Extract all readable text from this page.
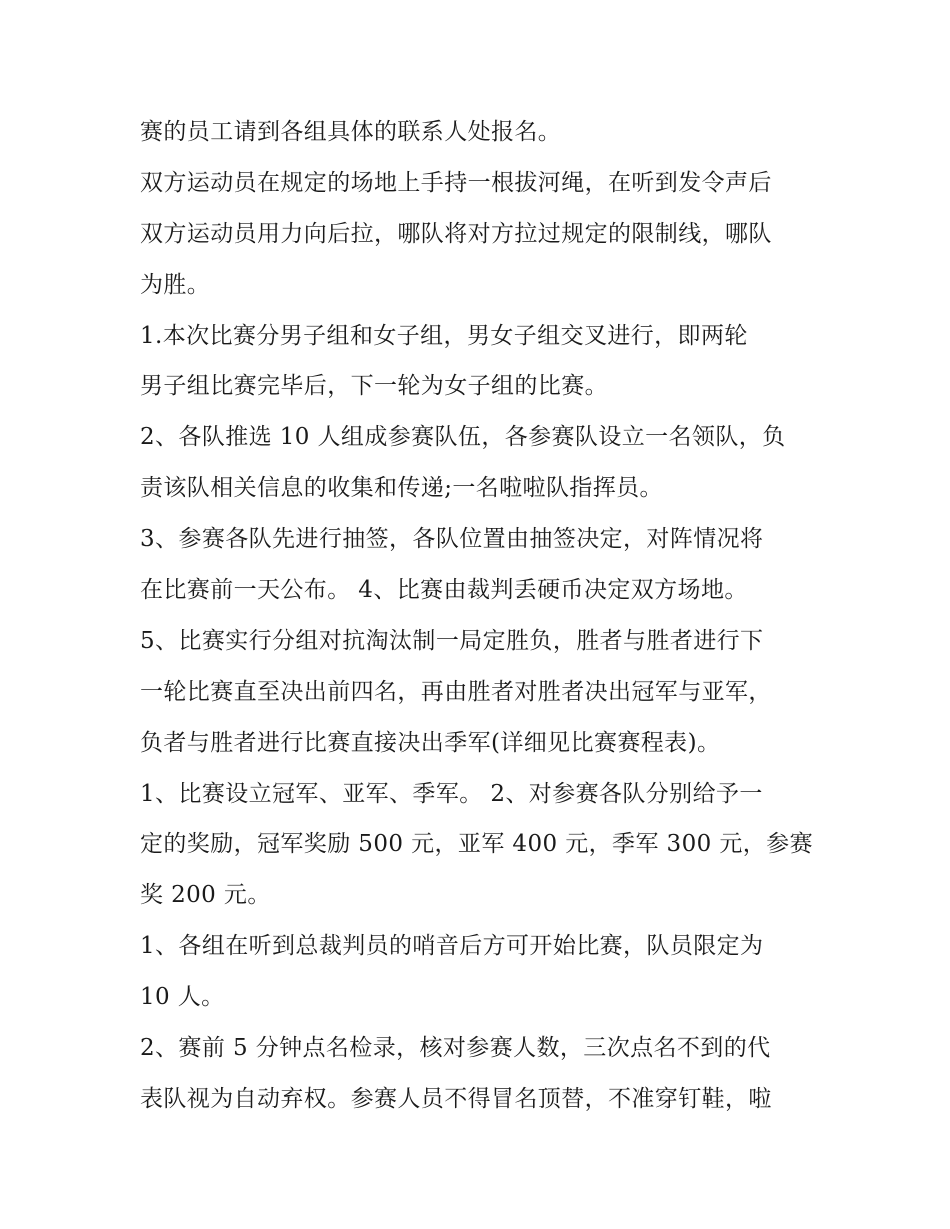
赛的员工请到各组具体的联系人处报名。
双方运动员在规定的场地上手持一根拔河绳，在听到发令声后
双方运动员用力向后拉，哪队将对方拉过规定的限制线，哪队
为胜。
1.本次比赛分男子组和女子组，男女子组交叉进行，即两轮
男子组比赛完毕后，下一轮为女子组的比赛。
2、各队推选 10 人组成参赛队伍，各参赛队设立一名领队，负
责该队相关信息的收集和传递;一名啦啦队指挥员。
3、参赛各队先进行抽签，各队位置由抽签决定，对阵情况将
在比赛前一天公布。 4、比赛由裁判丢硬币决定双方场地。
5、比赛实行分组对抗淘汰制一局定胜负，胜者与胜者进行下
一轮比赛直至决出前四名，再由胜者对胜者决出冠军与亚军，
负者与胜者进行比赛直接决出季军(详细见比赛赛程表)。
1、比赛设立冠军、亚军、季军。 2、对参赛各队分别给予一
定的奖励，冠军奖励 500 元，亚军 400 元，季军 300 元，参赛
奖 200 元。
1、各组在听到总裁判员的哨音后方可开始比赛，队员限定为
10 人。
2、赛前 5 分钟点名检录，核对参赛人数，三次点名不到的代
表队视为自动弃权。参赛人员不得冒名顶替，不准穿钉鞋，啦
